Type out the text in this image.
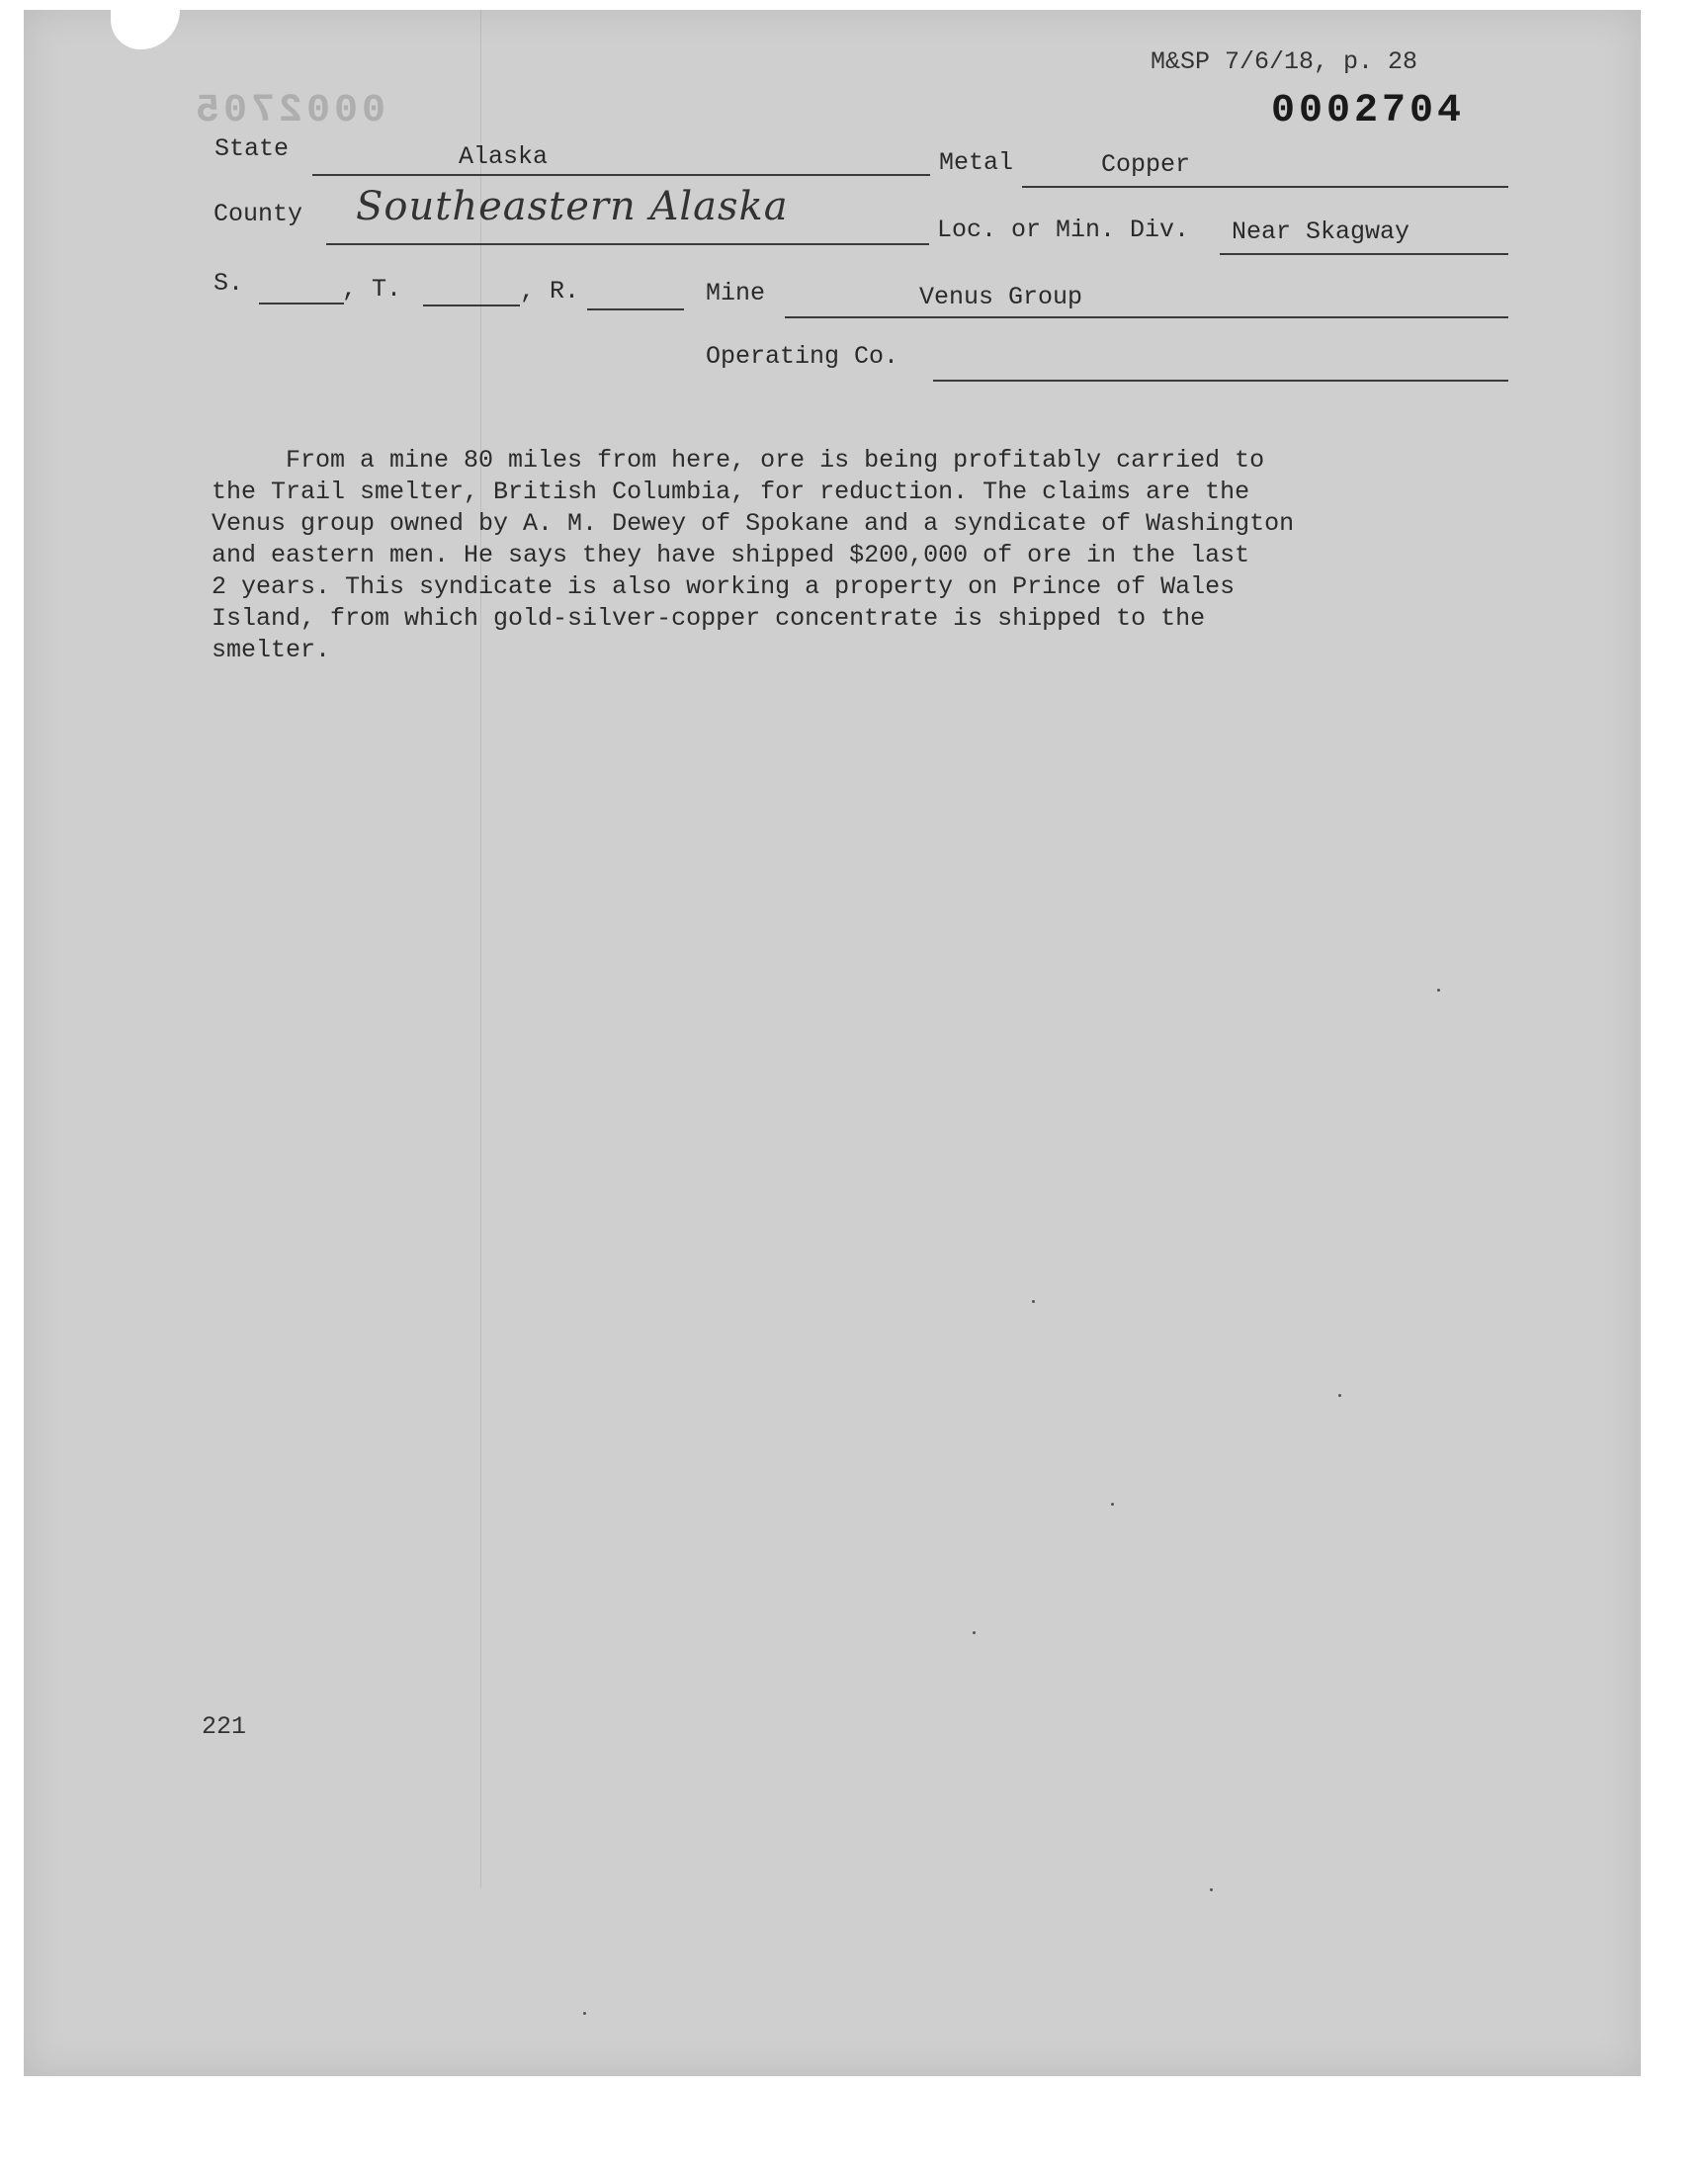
M&SP 7/6/18, p. 28
0002704
0002705
State	Alaska	Metal	Copper
County Southeastern Alaska
Loc. or Min. Div. Near Skagway
S.	, T.	, R.	Mine	Venus Group
Operating Co.

From a mine 80 miles from here, ore is being profitably carried to

the Trail smelter, British Columbia, for reduction. The claims are the

Venus group owned by A. M. Dewey of Spokane and a syndicate of Washington

and eastern men. He says they have shipped $200,000 of ore in the last

2 years. This syndicate is also working a property on Prince of Wales

Island, from which gold-silver-copper concentrate is shipped to the

smelter.

221
